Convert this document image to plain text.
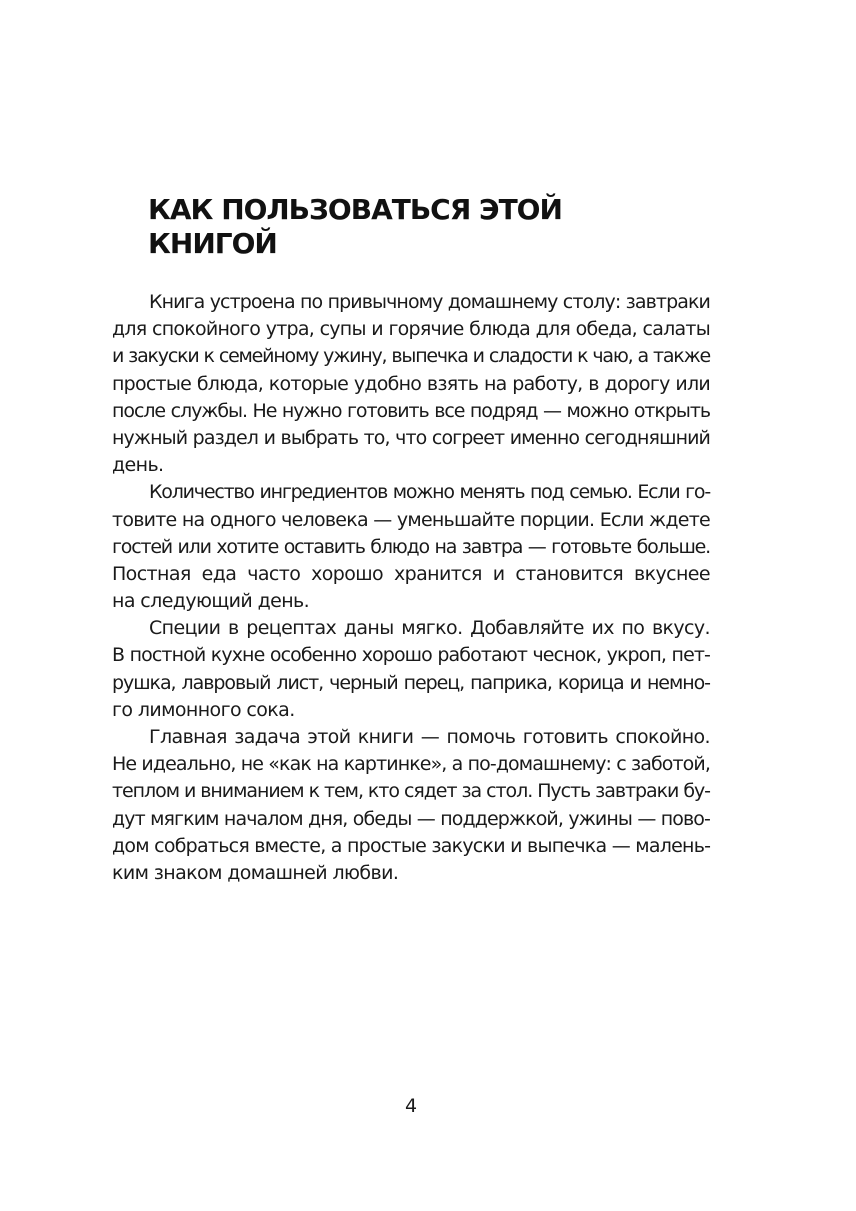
КАК ПОЛЬЗОВАТЬСЯ ЭТОЙ
КНИГОЙ

Книга устроена по привычному домашнему столу: завтраки
для спокойного утра, супы и горячие блюда для обеда, салаты
и закуски к семейному ужину, выпечка и сладости к чаю, а также
простые блюда, которые удобно взять на работу, в дорогу или
после службы. Не нужно готовить все подряд — можно открыть
нужный раздел и выбрать то, что согреет именно сегодняшний
день.

Количество ингредиентов можно менять под семью. Если го-
товите на одного человека — уменьшайте порции. Если ждете
гостей или хотите оставить блюдо на завтра — готовьте больше.
Постная еда часто хорошо хранится и становится вкуснее
на следующий день.

Специи в рецептах даны мягко. Добавляйте их по вкусу.
В постной кухне особенно хорошо работают чеснок, укроп, пет-
рушка, лавровый лист, черный перец, паприка, корица и немно-
го лимонного сока.

Главная задача этой книги — помочь готовить спокойно.
Не идеально, не «как на картинке», а по-домашнему: с заботой,
теплом и вниманием к тем, кто сядет за стол. Пусть завтраки бу-
дут мягким началом дня, обеды — поддержкой, ужины — пово-
дом собраться вместе, а простые закуски и выпечка — малень-
ким знаком домашней любви.

4
